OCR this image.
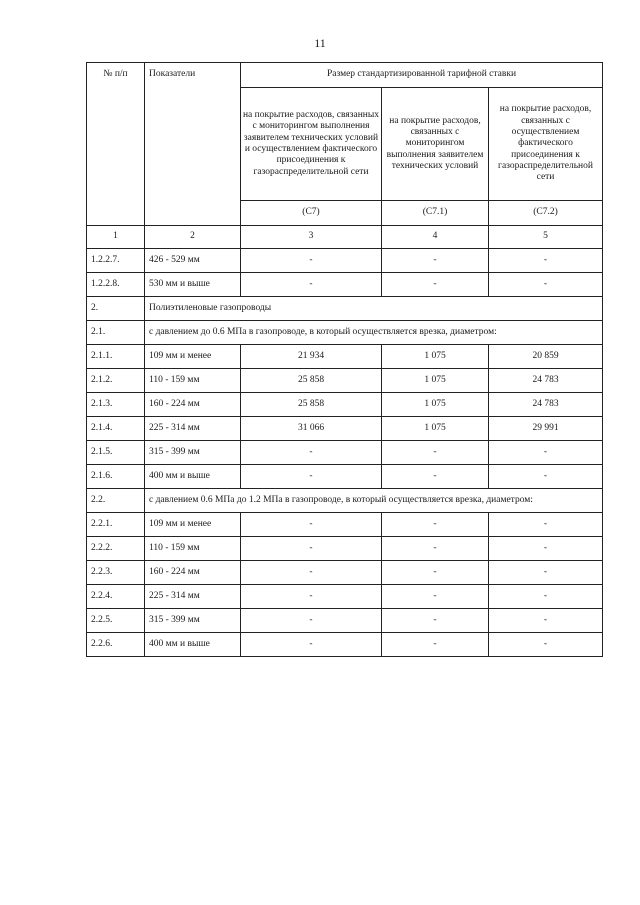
11
№ п/п	Показатели	Размер стандартизированной тарифной ставки		
		на покрытие расходов, связанных с мониторингом выполнения заявителем технических условий и осуществлением фактического присоединения к газораспределительной сети	на покрытие расходов, связанных с мониторингом выполнения заявителем технических условий	на покрытие расходов, связанных с осуществлением фактического присоединения к газораспределительной сети
		(С7)	(С7.1)	(С7.2)
1	2	3	4	5
1.2.2.7.	426 - 529 мм	-	-	-
1.2.2.8.	530 мм и выше	-	-	-
2.	Полиэтиленовые газопроводы			
2.1.	с давлением до 0.6 МПа в газопроводе, в который осуществляется врезка, диаметром:			
2.1.1.	109 мм и менее	21 934	1 075	20 859
2.1.2.	110 - 159 мм	25 858	1 075	24 783
2.1.3.	160 - 224 мм	25 858	1 075	24 783
2.1.4.	225 - 314 мм	31 066	1 075	29 991
2.1.5.	315 - 399 мм	-	-	-
2.1.6.	400 мм и выше	-	-	-
2.2.	с давлением 0.6 МПа до 1.2 МПа в газопроводе, в который осуществляется врезка, диаметром:			
2.2.1.	109 мм и менее	-	-	-
2.2.2.	110 - 159 мм	-	-	-
2.2.3.	160 - 224 мм	-	-	-
2.2.4.	225 - 314 мм	-	-	-
2.2.5.	315 - 399 мм	-	-	-
2.2.6.	400 мм и выше	-	-	-
